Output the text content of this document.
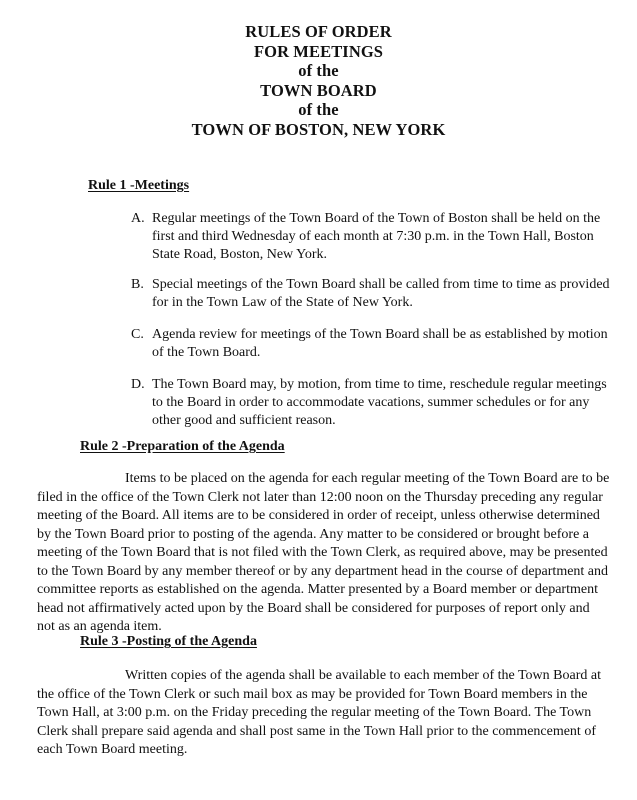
RULES OF ORDER
FOR MEETINGS
of the
TOWN BOARD
of the
TOWN OF BOSTON, NEW YORK
Rule 1 -Meetings
A. Regular meetings of the Town Board of the Town of Boston shall be held on the first and third Wednesday of each month at 7:30 p.m. in the Town Hall, Boston State Road, Boston, New York.
B. Special meetings of the Town Board shall be called from time to time as provided for in the Town Law of the State of New York.
C. Agenda review for meetings of the Town Board shall be as established by motion of the Town Board.
D. The Town Board may, by motion, from time to time, reschedule regular meetings to the Board in order to accommodate vacations, summer schedules or for any other good and sufficient reason.
Rule 2 -Preparation of the Agenda
Items to be placed on the agenda for each regular meeting of the Town Board are to be filed in the office of the Town Clerk not later than 12:00 noon on the Thursday preceding any regular meeting of the Board. All items are to be considered in order of receipt, unless otherwise determined by the Town Board prior to posting of the agenda. Any matter to be considered or brought before a meeting of the Town Board that is not filed with the Town Clerk, as required above, may be presented to the Town Board by any member thereof or by any department head in the course of department and committee reports as established on the agenda. Matter presented by a Board member or department head not affirmatively acted upon by the Board shall be considered for purposes of report only and not as an agenda item.
Rule 3 -Posting of the Agenda
Written copies of the agenda shall be available to each member of the Town Board at the office of the Town Clerk or such mail box as may be provided for Town Board members in the Town Hall, at 3:00 p.m. on the Friday preceding the regular meeting of the Town Board. The Town Clerk shall prepare said agenda and shall post same in the Town Hall prior to the commencement of each Town Board meeting.
